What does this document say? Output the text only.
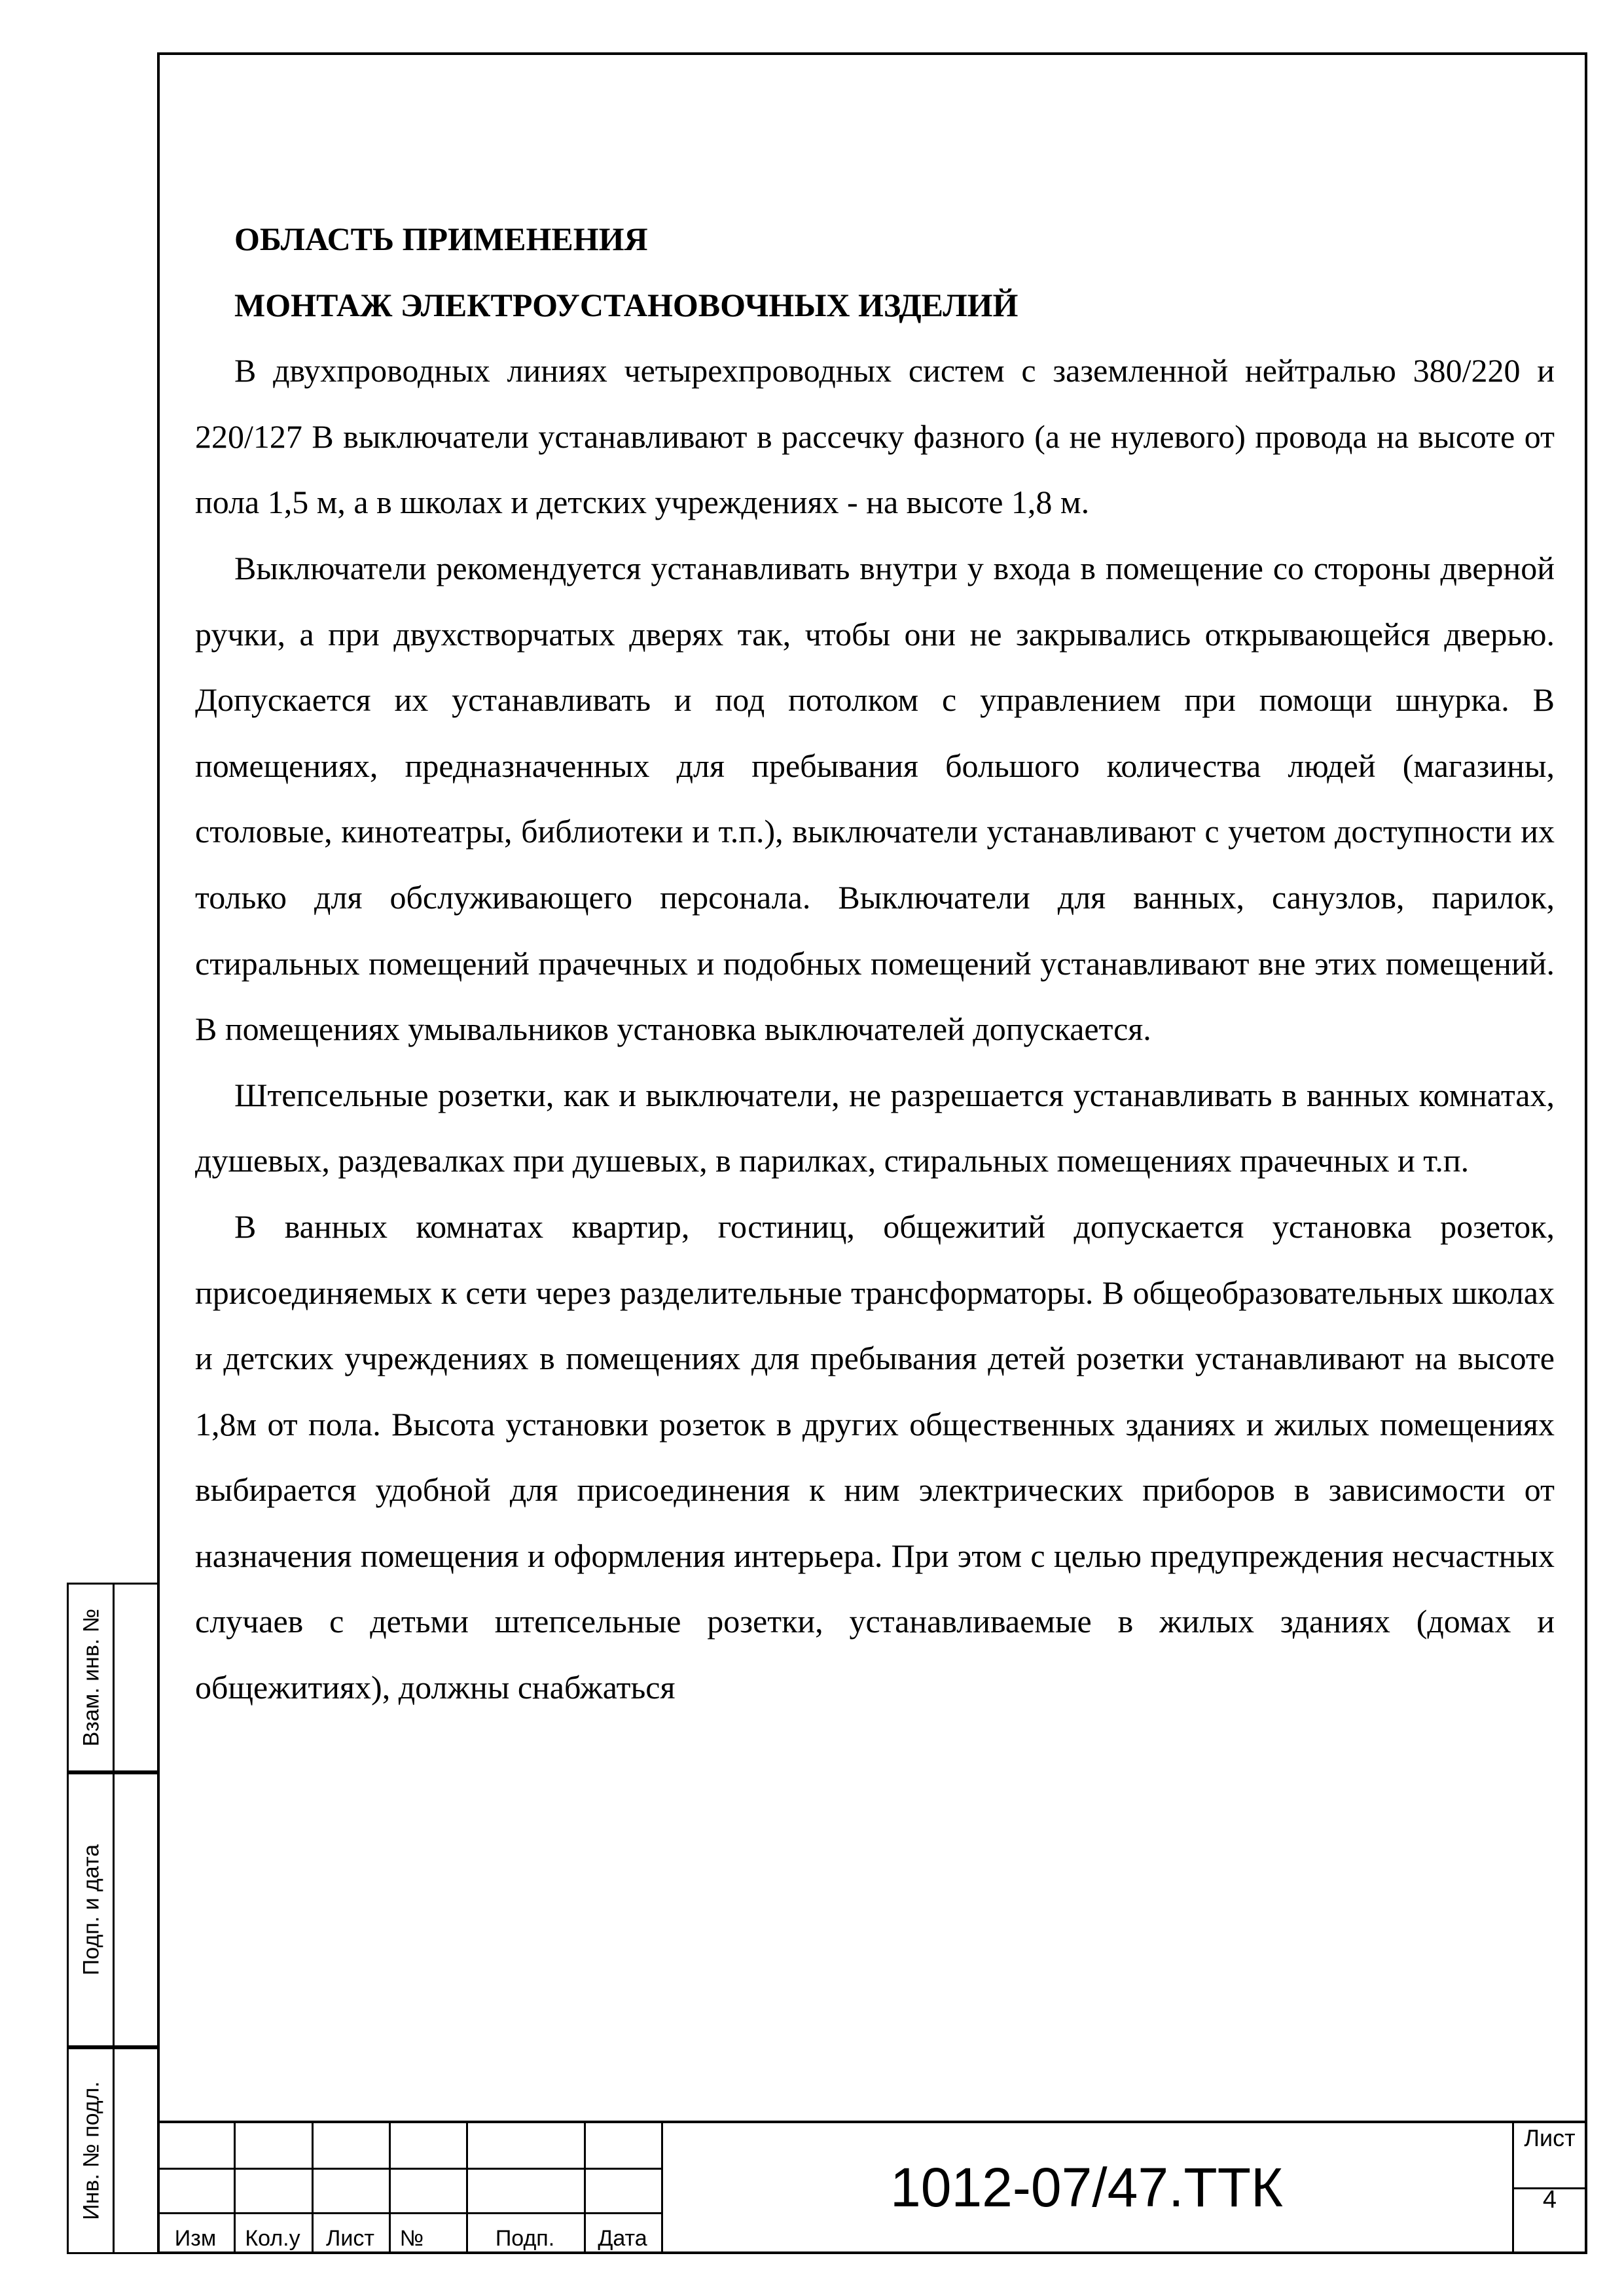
ОБЛАСТЬ ПРИМЕНЕНИЯ

МОНТАЖ ЭЛЕКТРОУСТАНОВОЧНЫХ ИЗДЕЛИЙ

В двухпроводных линиях четырехпроводных систем с заземленной нейтралью 380/220 и 220/127 В выключатели устанавливают в рассечку фазного (а не нулевого) провода на высоте от пола 1,5 м, а в школах и детских учреждениях - на высоте 1,8 м.

Выключатели рекомендуется устанавливать внутри у входа в помещение со стороны дверной ручки, а при двухстворчатых дверях так, чтобы они не закрывались открывающейся дверью. Допускается их устанавливать и под потолком с управлением при помощи шнурка. В помещениях, предназначенных для пребывания большого количества людей (магазины, столовые, кинотеатры, библиотеки и т.п.), выключатели устанавливают с учетом доступности их только для обслуживающего персонала. Выключатели для ванных, санузлов, парилок, стиральных помещений прачечных и подобных помещений устанавливают вне этих помещений. В помещениях умывальников установка выключателей допускается.

Штепсельные розетки, как и выключатели, не разрешается устанавливать в ванных комнатах, душевых, раздевалках при душевых, в парилках, стиральных помещениях прачечных и т.п.

В ванных комнатах квартир, гостиниц, общежитий допускается установка розеток, присоединяемых к сети через разделительные трансформаторы. В общеобразовательных школах и детских учреждениях в помещениях для пребывания детей розетки устанавливают на высоте 1,8м от пола. Высота установки розеток в других общественных зданиях и жилых помещениях выбирается удобной для присоединения к ним электрических приборов в зависимости от назначения помещения и оформления интерьера. При этом с целью предупреждения несчастных случаев с детьми штепсельные розетки, устанавливаемые в жилых зданиях (домах и общежитиях), должны снабжаться

Взам. инв. №
Подп. и дата
Инв. № подл.
Изм	Кол.у	Лист	№	Подп.	Дата
1012-07/47.ТТК
Лист
4
